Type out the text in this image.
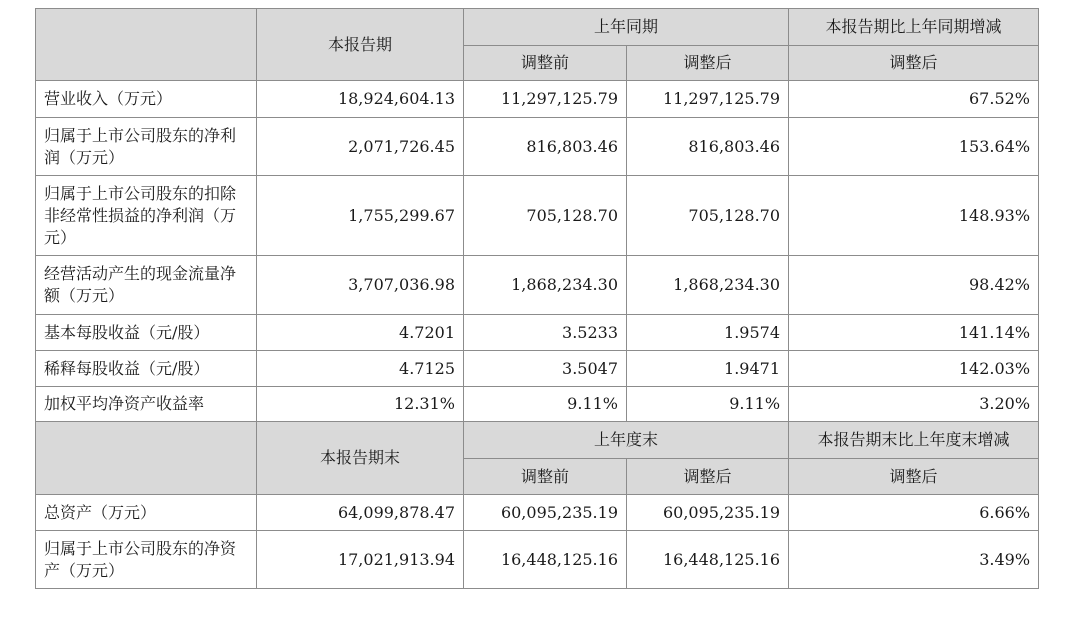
	本报告期	上年同期		本报告期比上年同期增减
		调整前	调整后	调整后
营业收入（万元）	18,924,604.13	11,297,125.79	11,297,125.79	67.52%
归属于上市公司股东的净利润（万元）	2,071,726.45	816,803.46	816,803.46	153.64%
归属于上市公司股东的扣除非经常性损益的净利润（万元）	1,755,299.67	705,128.70	705,128.70	148.93%
经营活动产生的现金流量净额（万元）	3,707,036.98	1,868,234.30	1,868,234.30	98.42%
基本每股收益（元/股）	4.7201	3.5233	1.9574	141.14%
稀释每股收益（元/股）	4.7125	3.5047	1.9471	142.03%
加权平均净资产收益率	12.31%	9.11%	9.11%	3.20%
	本报告期末	上年度末		本报告期末比上年度末增减
		调整前	调整后	调整后
总资产（万元）	64,099,878.47	60,095,235.19	60,095,235.19	6.66%
归属于上市公司股东的净资产（万元）	17,021,913.94	16,448,125.16	16,448,125.16	3.49%
